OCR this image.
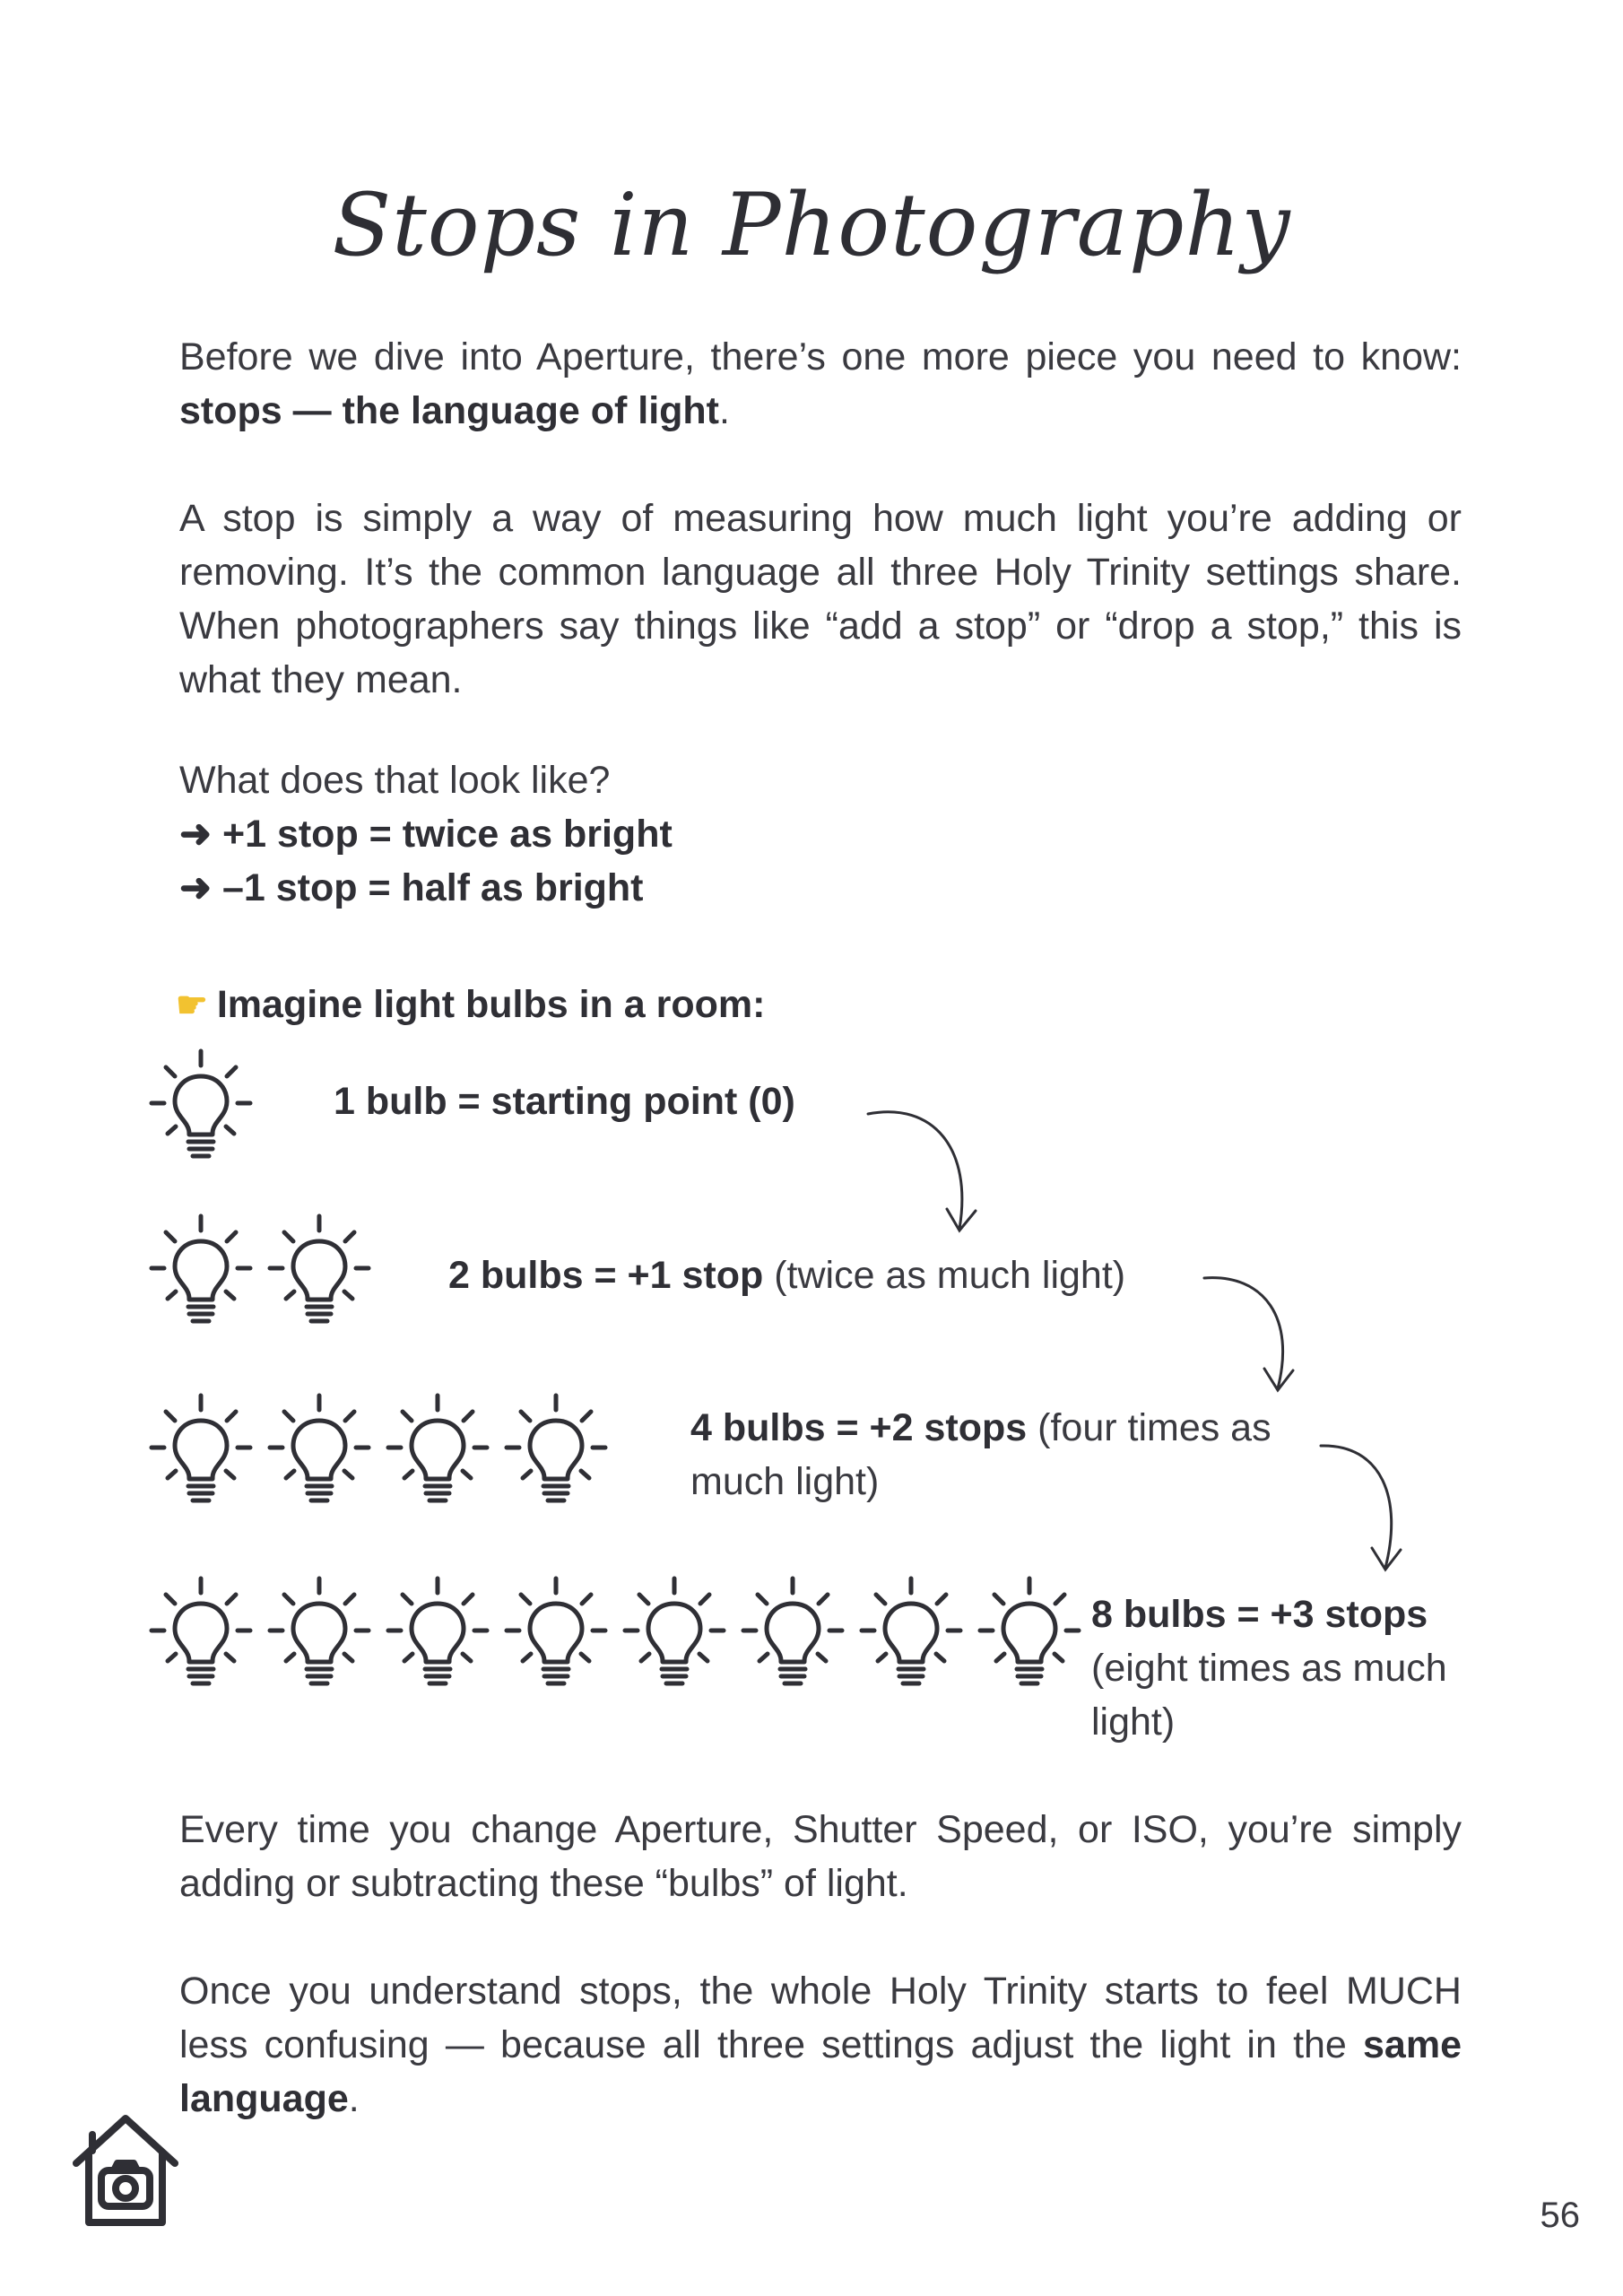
Stops in Photography
Before we dive into Aperture, there’s one more piece you need to know: stops — the language of light.
A stop is simply a way of measuring how much light you’re adding or removing. It’s the common language all three Holy Trinity settings share. When photographers say things like “add a stop” or “drop a stop,” this is what they mean.
What does that look like?
➜ +1 stop = twice as bright
➜ –1 stop = half as bright
☛ Imagine light bulbs in a room:
1 bulb = starting point (0)
2 bulbs = +1 stop (twice as much light)
4 bulbs = +2 stops (four times as much light)
8 bulbs = +3 stops (eight times as much light)
Every time you change Aperture, Shutter Speed, or ISO, you’re simply adding or subtracting these “bulbs” of light.
Once you understand stops, the whole Holy Trinity starts to feel MUCH less confusing — because all three settings adjust the light in the same language.
56
